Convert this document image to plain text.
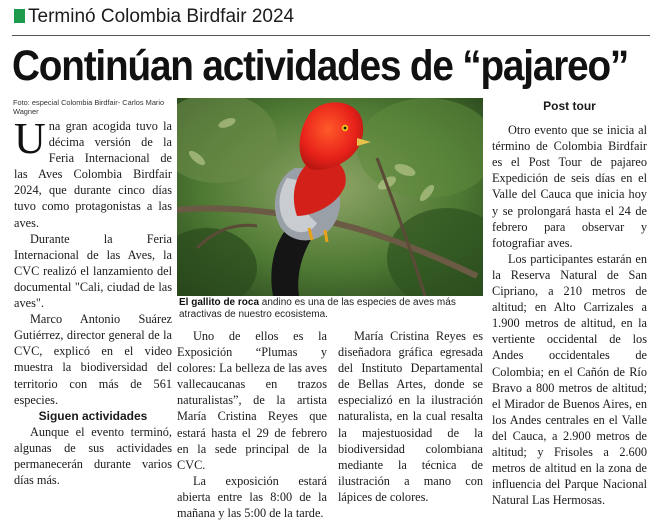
Terminó Colombia Birdfair 2024
Continúan actividades de “pajareo”
Foto: especial Colombia Birdfair- Carlos Mario Wagner

Una gran acogida tuvo la décima versión de la Feria Internacional de las Aves Colombia Birdfair 2024, que durante cinco días tuvo como protagonistas a las aves.

Durante la Feria Internacional de las Aves, la CVC realizó el lanzamiento del documental "Cali, ciudad de las aves".

Marco Antonio Suárez Gutiérrez, director general de la CVC, explicó en el video muestra la biodiversidad del territorio con más de 561 especies.

Siguen actividades

Aunque el evento terminó, algunas de sus actividades permanecerán durante varios días más.

El gallito de roca andino es una de las especies de aves más atractivas de nuestro ecosistema.

Uno de ellos es la Exposición “Plumas y colores: La belleza de las aves vallecaucanas en trazos naturalistas”, de la artista María Cristina Reyes que estará hasta el 29 de febrero en la sede principal de la CVC.

La exposición estará abierta entre las 8:00 de la mañana y las 5:00 de la tarde.

María Cristina Reyes es diseñadora gráfica egresada del Instituto Departamental de Bellas Artes, donde se especializó en la ilustración naturalista, en la cual resalta la majestuosidad de la biodiversidad colombiana mediante la técnica de ilustración a mano con lápices de colores.

Post tour

Otro evento que se inicia al término de Colombia Birdfair es el Post Tour de pajareo Expedición de seis días en el Valle del Cauca que inicia hoy y se prolongará hasta el 24 de febrero para observar y fotografiar aves.

Los participantes estarán en la Reserva Natural de San Cipriano, a 210 metros de altitud; en Alto Carrizales a 1.900 metros de altitud, en la vertiente occidental de los Andes occidentales de Colombia; en el Cañón de Río Bravo a 800 metros de altitud; el Mirador de Buenos Aires, en los Andes centrales en el Valle del Cauca, a 2.900 metros de altitud; y Frisoles a 2.600 metros de altitud en la zona de influencia del Parque Nacional Natural Las Hermosas.
